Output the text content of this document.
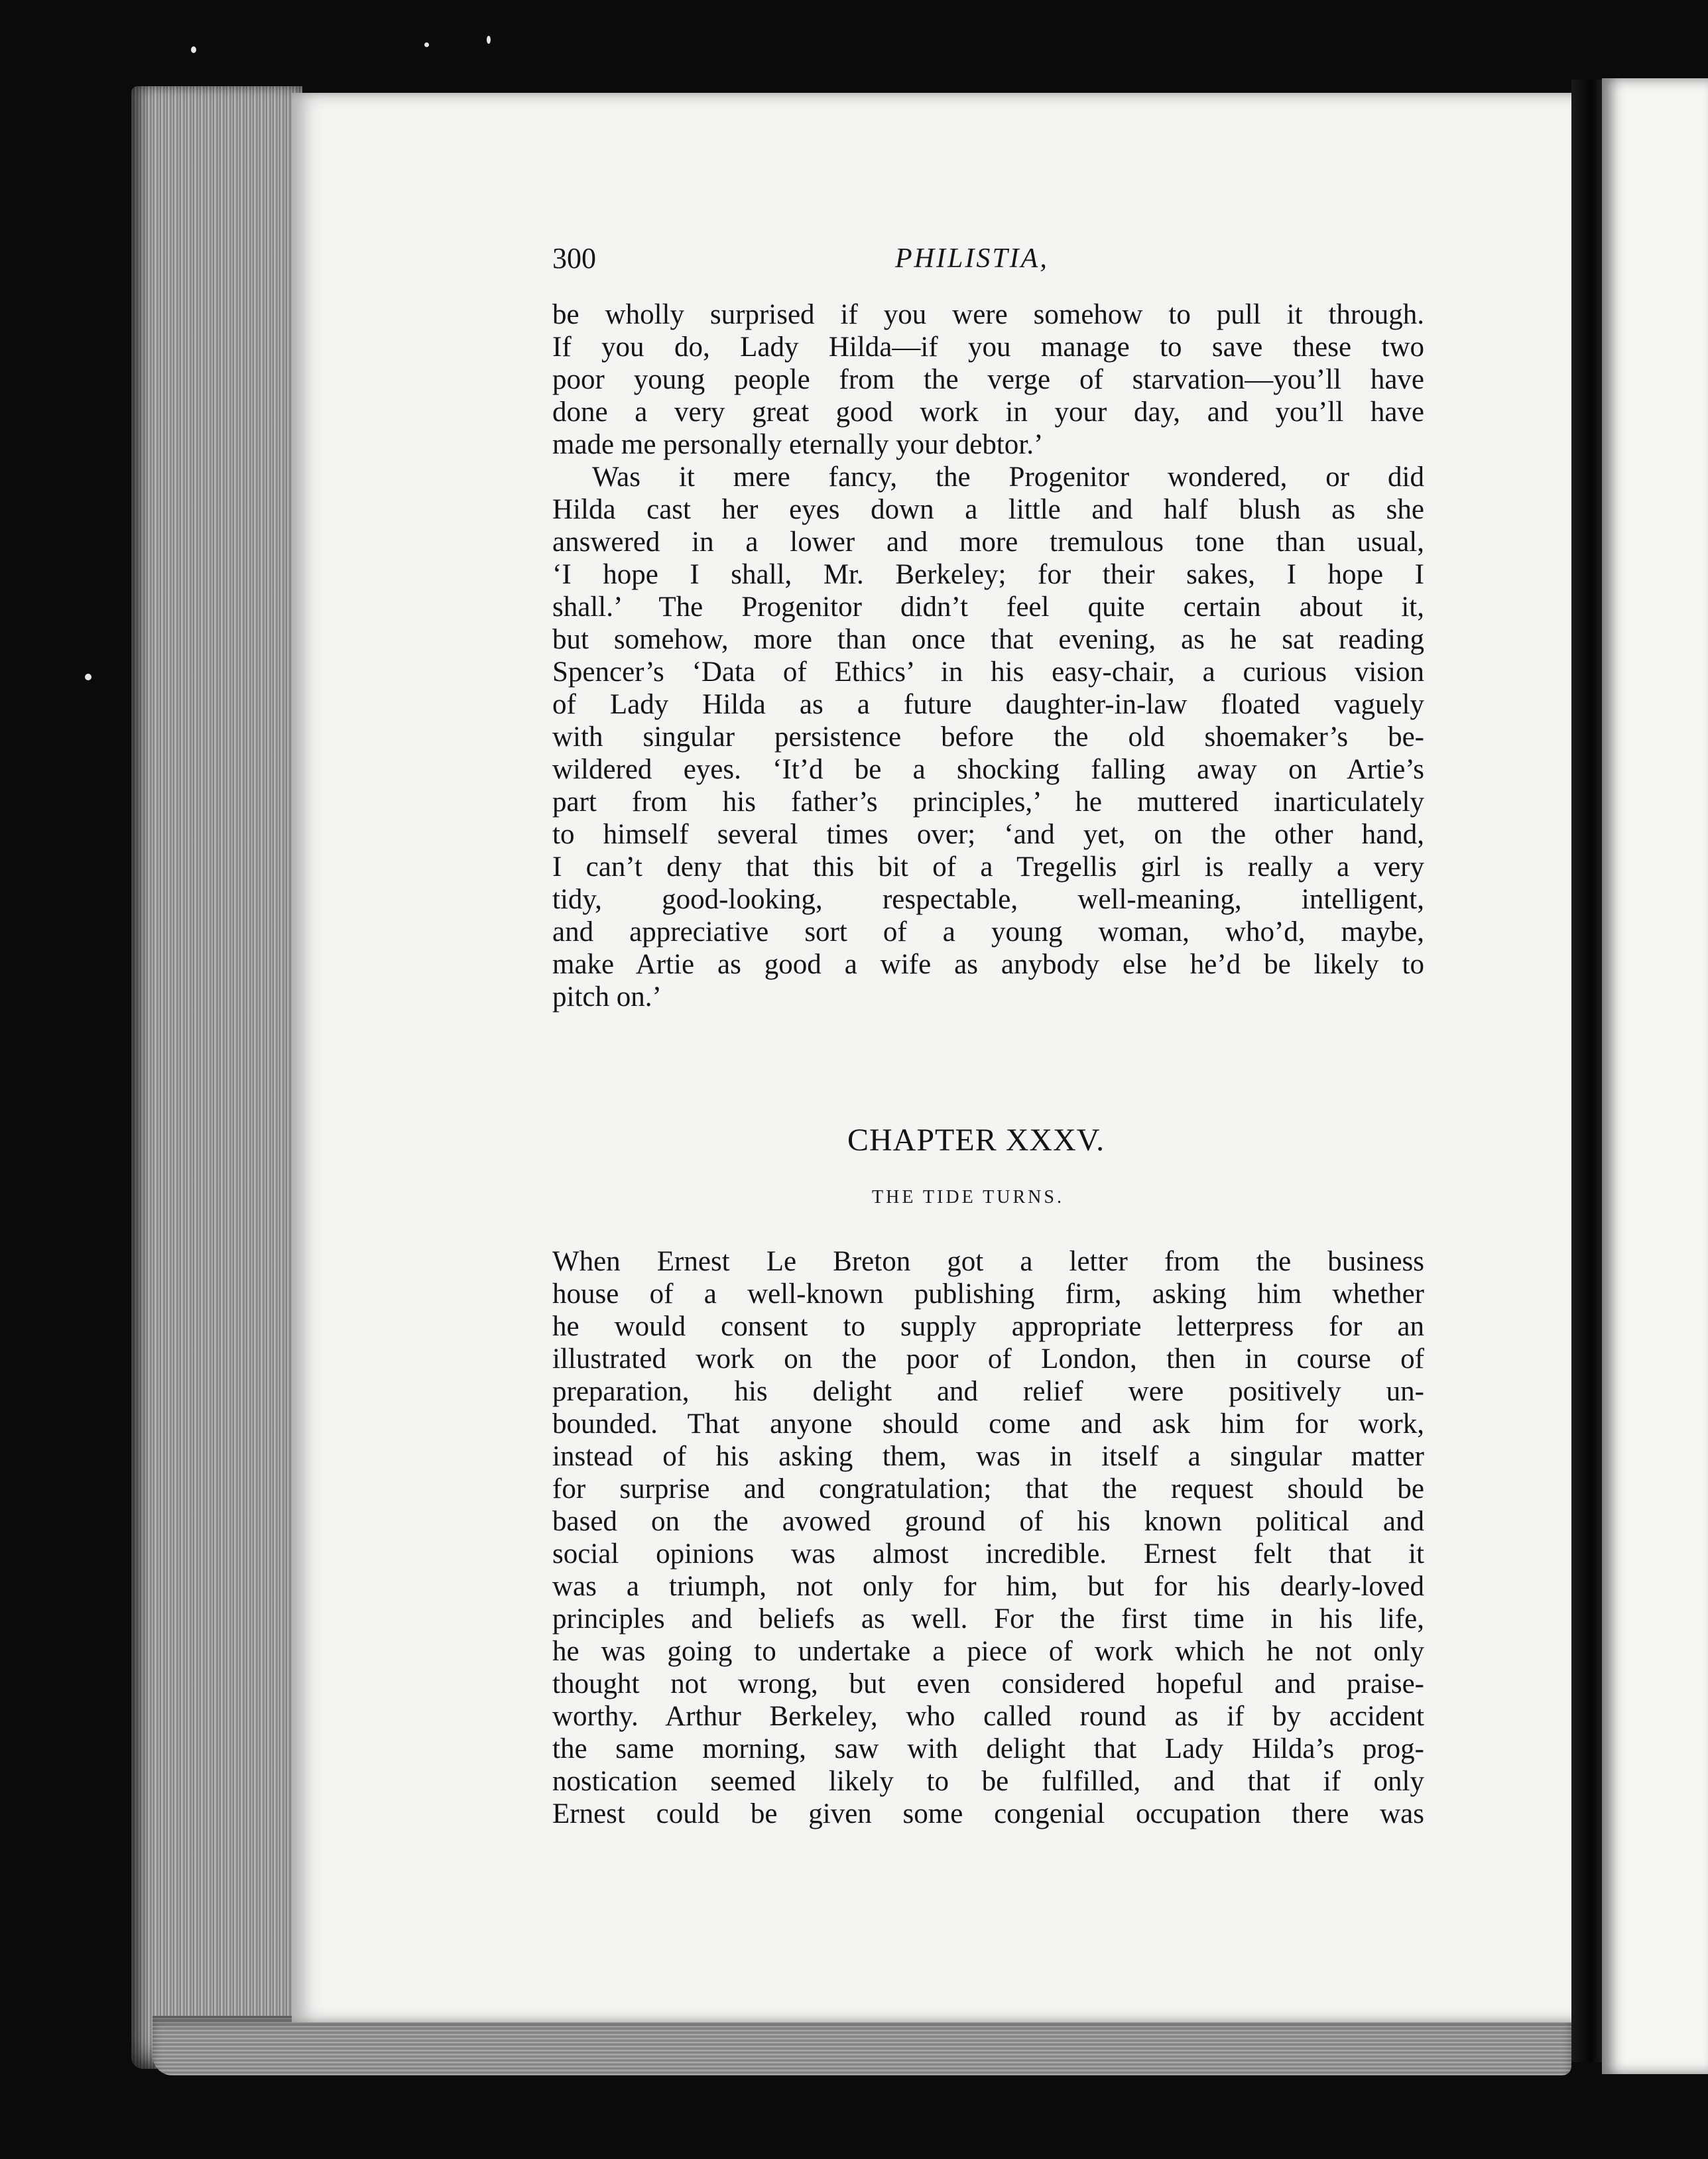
300	PHILISTIA,
be wholly surprised if you were somehow to pull it through.
If you do, Lady Hilda—if you manage to save these two
poor young people from the verge of starvation—you’ll have
done a very great good work in your day, and you’ll have
made me personally eternally your debtor.’
Was it mere fancy, the Progenitor wondered, or did
Hilda cast her eyes down a little and half blush as she
answered in a lower and more tremulous tone than usual,
‘I hope I shall, Mr. Berkeley; for their sakes, I hope I
shall.’ The Progenitor didn’t feel quite certain about it,
but somehow, more than once that evening, as he sat reading
Spencer’s ‘Data of Ethics’ in his easy-chair, a curious vision
of Lady Hilda as a future daughter-in-law floated vaguely
with singular persistence before the old shoemaker’s be-
wildered eyes. ‘It’d be a shocking falling away on Artie’s
part from his father’s principles,’ he muttered inarticulately
to himself several times over; ‘and yet, on the other hand,
I can’t deny that this bit of a Tregellis girl is really a very
tidy, good-looking, respectable, well-meaning, intelligent,
and appreciative sort of a young woman, who’d, maybe,
make Artie as good a wife as anybody else he’d be likely to
pitch on.’
CHAPTER XXXV.
THE TIDE TURNS.
When Ernest Le Breton got a letter from the business
house of a well-known publishing firm, asking him whether
he would consent to supply appropriate letterpress for an
illustrated work on the poor of London, then in course of
preparation, his delight and relief were positively un-
bounded. That anyone should come and ask him for work,
instead of his asking them, was in itself a singular matter
for surprise and congratulation; that the request should be
based on the avowed ground of his known political and
social opinions was almost incredible. Ernest felt that it
was a triumph, not only for him, but for his dearly-loved
principles and beliefs as well. For the first time in his life,
he was going to undertake a piece of work which he not only
thought not wrong, but even considered hopeful and praise-
worthy. Arthur Berkeley, who called round as if by accident
the same morning, saw with delight that Lady Hilda’s prog-
nostication seemed likely to be fulfilled, and that if only
Ernest could be given some congenial occupation there was
